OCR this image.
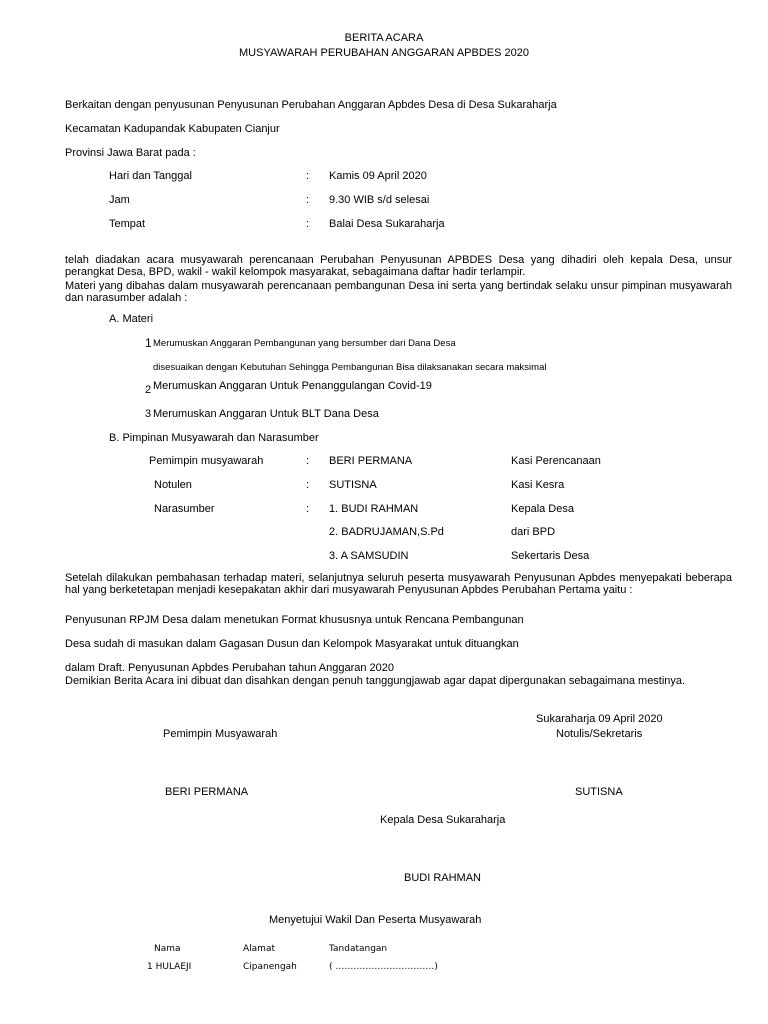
BERITA ACARA
MUSYAWARAH PERUBAHAN ANGGARAN APBDES 2020
Berkaitan dengan penyusunan Penyusunan Perubahan Anggaran Apbdes Desa di Desa Sukaraharja
Kecamatan Kadupandak Kabupaten Cianjur
Provinsi Jawa Barat pada :
Hari dan Tanggal	: Kamis 09 April 2020
Jam	: 9.30 WIB s/d selesai
Tempat	: Balai Desa Sukaraharja
telah diadakan acara musyawarah perencanaan Perubahan Penyusunan APBDES Desa yang dihadiri oleh kepala Desa, unsur perangkat Desa, BPD, wakil - wakil kelompok masyarakat, sebagaimana daftar hadir terlampir.
Materi yang dibahas dalam musyawarah perencanaan pembangunan Desa ini serta yang bertindak selaku unsur pimpinan musyawarah dan narasumber adalah :
A. Materi
1 Merumuskan Anggaran Pembangunan yang bersumber dari Dana Desa
disesuaikan dengan Kebutuhan Sehingga Pembangunan Bisa dilaksanakan secara maksimal
2 Merumuskan Anggaran Untuk Penanggulangan Covid-19
3 Merumuskan Anggaran Untuk BLT Dana Desa
B. Pimpinan Musyawarah dan Narasumber
Pemimpin musyawarah	: BERI PERMANA	Kasi Perencanaan
Notulen	: SUTISNA	Kasi Kesra
Narasumber	: 1. BUDI RAHMAN	Kepala Desa
2. BADRUJAMAN,S.Pd	dari BPD
3. A SAMSUDIN	Sekertaris Desa
Setelah dilakukan pembahasan terhadap materi, selanjutnya seluruh peserta musyawarah Penyusunan Apbdes menyepakati beberapa hal yang berketetapan menjadi kesepakatan akhir dari musyawarah Penyusunan Apbdes Perubahan Pertama yaitu :
Penyusunan RPJM Desa dalam menetukan Format khususnya untuk Rencana Pembangunan
Desa sudah di masukan dalam Gagasan Dusun dan Kelompok Masyarakat untuk dituangkan
dalam Draft. Penyusunan Apbdes Perubahan tahun Anggaran 2020
Demikian Berita Acara ini dibuat dan disahkan dengan penuh tanggungjawab agar dapat dipergunakan sebagaimana mestinya.
Sukaraharja 09 April 2020
Pemimpin Musyawarah	Notulis/Sekretaris
BERI PERMANA	SUTISNA
Kepala Desa Sukaraharja
BUDI RAHMAN
Menyetujui Wakil Dan Peserta Musyawarah
Nama	Alamat	Tandatangan
1 HULAEJI	Cipanengah	( ……………………………)
